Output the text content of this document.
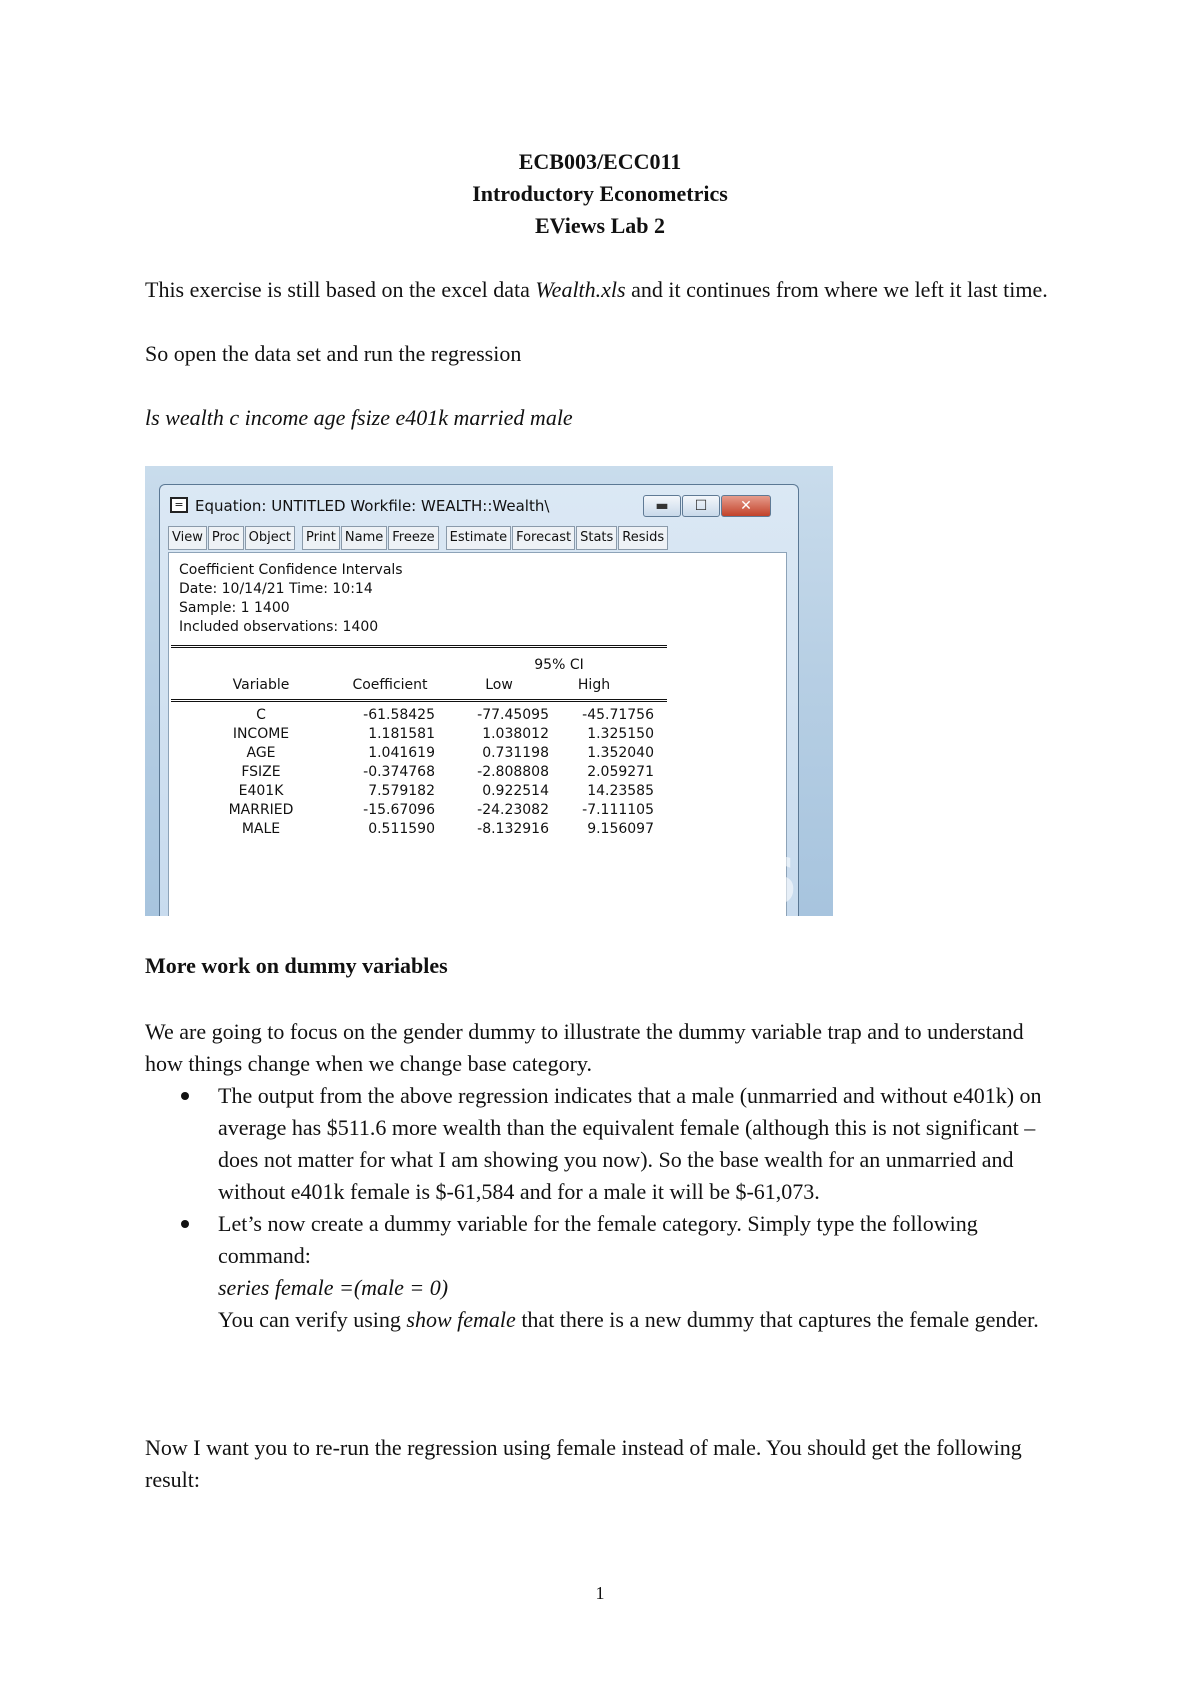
ECB003/ECC011
Introductory Econometrics
EViews Lab 2
This exercise is still based on the excel data Wealth.xls and it continues from where we left it last time.
So open the data set and run the regression
ls wealth c income age fsize e401k married male
= Equation: UNTITLED Workfile: WEALTH::Wealth\	▬	☐	✕
View Proc Object	Print Name Freeze	Estimate Forecast Stats Resids
Coefficient Confidence Intervals
Date: 10/14/21 Time: 10:14
Sample: 1 1400
Included observations: 1400
95% CI
Variable	Coefficient	Low	High
C	-61.58425	-77.45095	-45.71756
INCOME	1.181581	1.038012	1.325150
AGE	1.041619	0.731198	1.352040
FSIZE	-0.374768	-2.808808	2.059271
E401K	7.579182	0.922514	14.23585
MARRIED	-15.67096	-24.23082	-7.111105
MALE	0.511590	-8.132916	9.156097
'S
More work on dummy variables
We are going to focus on the gender dummy to illustrate the dummy variable trap and to understand how things change when we change base category.
The output from the above regression indicates that a male (unmarried and without e401k) on average has $511.6 more wealth than the equivalent female (although this is not significant – does not matter for what I am showing you now). So the base wealth for an unmarried and without e401k female is $-61,584 and for a male it will be $-61,073.
Let’s now create a dummy variable for the female category. Simply type the following command:
series female =(male = 0)
You can verify using show female that there is a new dummy that captures the female gender.
Now I want you to re-run the regression using female instead of male. You should get the following result:
1
